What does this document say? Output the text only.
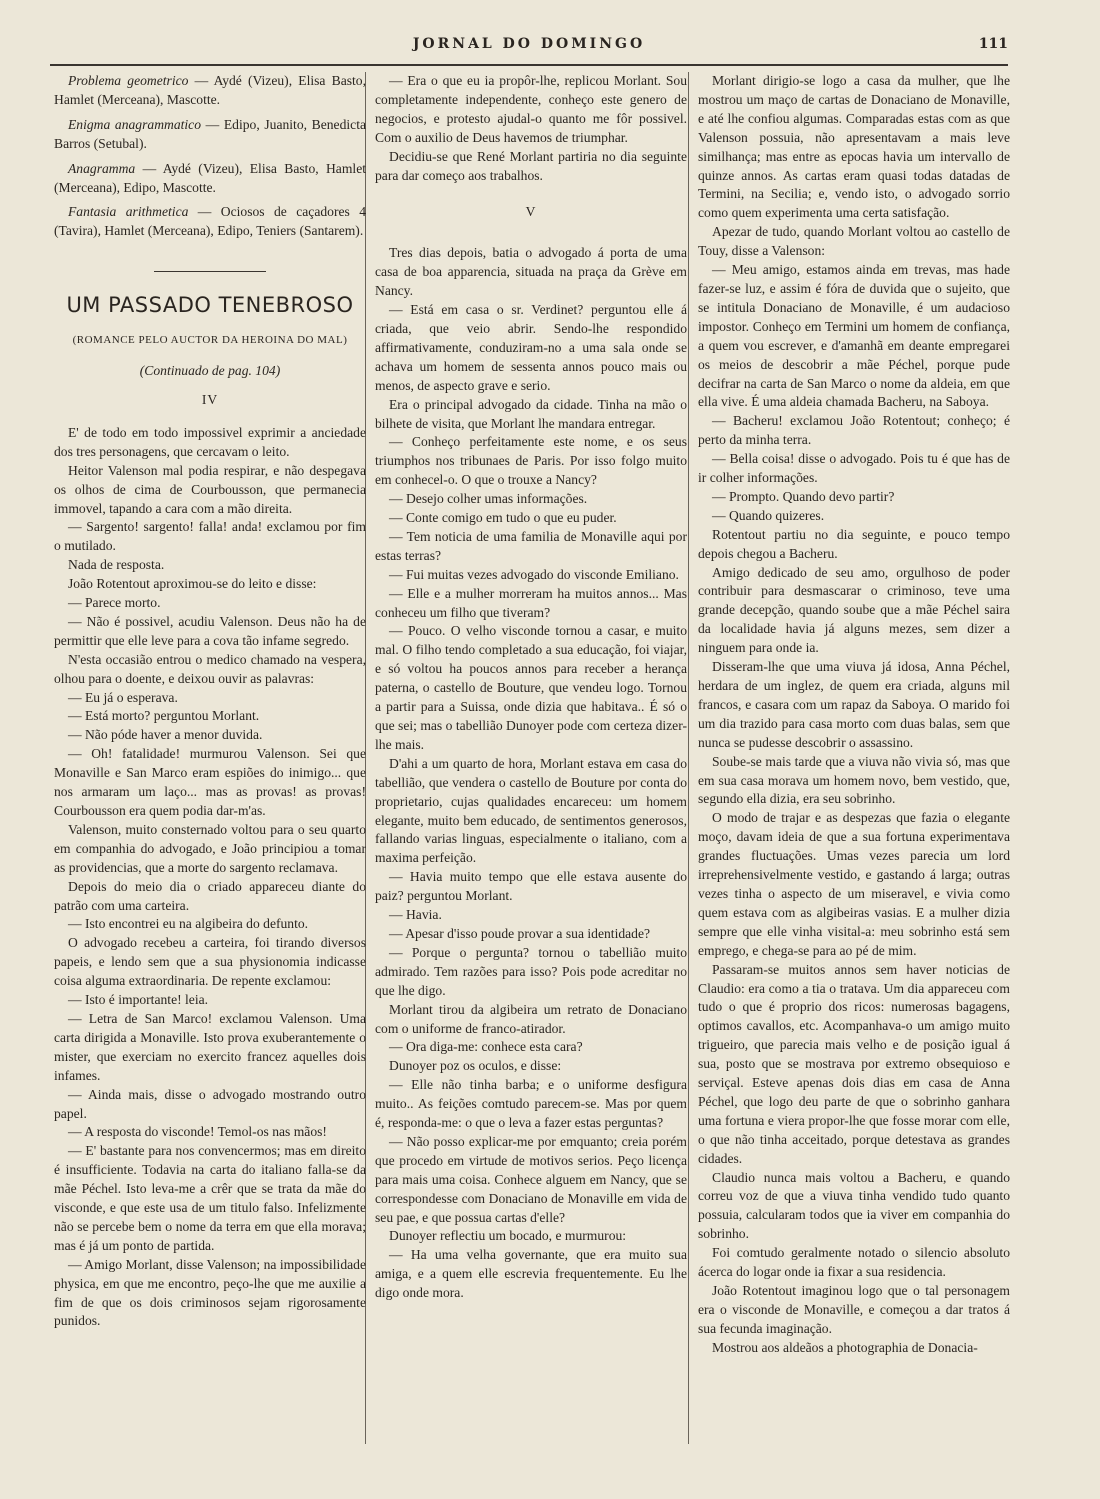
JORNAL DO DOMINGO	111

Problema geometrico — Aydé (Vizeu), Elisa Basto, Hamlet (Merceana), Mascotte.

Enigma anagrammatico — Edipo, Juanito, Benedicta Barros (Setubal).

Anagramma — Aydé (Vizeu), Elisa Basto, Hamlet (Merceana), Edipo, Mascotte.

Fantasia arithmetica — Ociosos de caçadores 4 (Tavira), Hamlet (Merceana), Edipo, Teniers (Santarem).

UM PASSADO TENEBROSO
(ROMANCE PELO AUCTOR DA HEROINA DO MAL)
(Continuado de pag. 104)
IV

E' de todo em todo impossivel exprimir a anciedade dos tres personagens, que cercavam o leito.

Heitor Valenson mal podia respirar, e não despegava os olhos de cima de Courbousson, que permanecia immovel, tapando a cara com a mão direita.

— Sargento! sargento! falla! anda! exclamou por fim o mutilado.

Nada de resposta.

João Rotentout aproximou-se do leito e disse:

— Parece morto.

— Não é possivel, acudiu Valenson. Deus não ha de permittir que elle leve para a cova tão infame segredo.

N'esta occasião entrou o medico chamado na vespera, olhou para o doente, e deixou ouvir as palavras:

— Eu já o esperava.

— Está morto? perguntou Morlant.

— Não póde haver a menor duvida.

— Oh! fatalidade! murmurou Valenson. Sei que Monaville e San Marco eram espiões do inimigo... que nos armaram um laço... mas as provas! as provas! Courbousson era quem podia dar-m'as.

Valenson, muito consternado voltou para o seu quarto em companhia do advogado, e João principiou a tomar as providencias, que a morte do sargento reclamava.

Depois do meio dia o criado appareceu diante do patrão com uma carteira.

— Isto encontrei eu na algibeira do defunto.

O advogado recebeu a carteira, foi tirando diversos papeis, e lendo sem que a sua physionomia indicasse coisa alguma extraordinaria. De repente exclamou:

— Isto é importante! leia.

— Letra de San Marco! exclamou Valenson. Uma carta dirigida a Monaville. Isto prova exuberantemente o mister, que exerciam no exercito francez aquelles dois infames.

— Ainda mais, disse o advogado mostrando outro papel.

— A resposta do visconde! Temol-os nas mãos!

— E' bastante para nos convencermos; mas em direito é insufficiente. Todavia na carta do italiano falla-se da mãe Péchel. Isto leva-me a crêr que se trata da mãe do visconde, e que este usa de um titulo falso. Infelizmente não se percebe bem o nome da terra em que ella morava; mas é já um ponto de partida.

— Amigo Morlant, disse Valenson; na impossibilidade physica, em que me encontro, peço-lhe que me auxilie a fim de que os dois criminosos sejam rigorosamente punidos.

— Era o que eu ia propôr-lhe, replicou Morlant. Sou completamente independente, conheço este genero de negocios, e protesto ajudal-o quanto me fôr possivel. Com o auxilio de Deus havemos de triumphar.

Decidiu-se que René Morlant partiria no dia seguinte para dar começo aos trabalhos.

V

Tres dias depois, batia o advogado á porta de uma casa de boa apparencia, situada na praça da Grève em Nancy.

— Está em casa o sr. Verdinet? perguntou elle á criada, que veio abrir. Sendo-lhe respondido affirmativamente, conduziram-no a uma sala onde se achava um homem de sessenta annos pouco mais ou menos, de aspecto grave e serio.

Era o principal advogado da cidade. Tinha na mão o bilhete de visita, que Morlant lhe mandara entregar.

— Conheço perfeitamente este nome, e os seus triumphos nos tribunaes de Paris. Por isso folgo muito em conhecel-o. O que o trouxe a Nancy?

— Desejo colher umas informações.

— Conte comigo em tudo o que eu puder.

— Tem noticia de uma familia de Monaville aqui por estas terras?

— Fui muitas vezes advogado do visconde Emiliano.

— Elle e a mulher morreram ha muitos annos... Mas conheceu um filho que tiveram?

— Pouco. O velho visconde tornou a casar, e muito mal. O filho tendo completado a sua educação, foi viajar, e só voltou ha poucos annos para receber a herança paterna, o castello de Bouture, que vendeu logo. Tornou a partir para a Suissa, onde dizia que habitava.. É só o que sei; mas o tabellião Dunoyer pode com certeza dizer-lhe mais.

D'ahi a um quarto de hora, Morlant estava em casa do tabellião, que vendera o castello de Bouture por conta do proprietario, cujas qualidades encareceu: um homem elegante, muito bem educado, de sentimentos generosos, fallando varias linguas, especialmente o italiano, com a maxima perfeição.

— Havia muito tempo que elle estava ausente do paiz? perguntou Morlant.

— Havia.

— Apesar d'isso poude provar a sua identidade?

— Porque o pergunta? tornou o tabellião muito admirado. Tem razões para isso? Pois pode acreditar no que lhe digo.

Morlant tirou da algibeira um retrato de Donaciano com o uniforme de franco-atirador.

— Ora diga-me: conhece esta cara?

Dunoyer poz os oculos, e disse:

— Elle não tinha barba; e o uniforme desfigura muito.. As feições comtudo parecem-se. Mas por quem é, responda-me: o que o leva a fazer estas perguntas?

— Não posso explicar-me por emquanto; creia porém que procedo em virtude de motivos serios. Peço licença para mais uma coisa. Conhece alguem em Nancy, que se correspondesse com Donaciano de Monaville em vida de seu pae, e que possua cartas d'elle?

Dunoyer reflectiu um bocado, e murmurou:

— Ha uma velha governante, que era muito sua amiga, e a quem elle escrevia frequentemente. Eu lhe digo onde mora.

Morlant dirigio-se logo a casa da mulher, que lhe mostrou um maço de cartas de Donaciano de Monaville, e até lhe confiou algumas. Comparadas estas com as que Valenson possuia, não apresentavam a mais leve similhança; mas entre as epocas havia um intervallo de quinze annos. As cartas eram quasi todas datadas de Termini, na Secilia; e, vendo isto, o advogado sorrio como quem experimenta uma certa satisfação.

Apezar de tudo, quando Morlant voltou ao castello de Touy, disse a Valenson:

— Meu amigo, estamos ainda em trevas, mas hade fazer-se luz, e assim é fóra de duvida que o sujeito, que se intitula Donaciano de Monaville, é um audacioso impostor. Conheço em Termini um homem de confiança, a quem vou escrever, e d'amanhã em deante empregarei os meios de descobrir a mãe Péchel, porque pude decifrar na carta de San Marco o nome da aldeia, em que ella vive. É uma aldeia chamada Bacheru, na Saboya.

— Bacheru! exclamou João Rotentout; conheço; é perto da minha terra.

— Bella coisa! disse o advogado. Pois tu é que has de ir colher informações.

— Prompto. Quando devo partir?

— Quando quizeres.

Rotentout partiu no dia seguinte, e pouco tempo depois chegou a Bacheru.

Amigo dedicado de seu amo, orgulhoso de poder contribuir para desmascarar o criminoso, teve uma grande decepção, quando soube que a mãe Péchel saira da localidade havia já alguns mezes, sem dizer a ninguem para onde ia.

Disseram-lhe que uma viuva já idosa, Anna Péchel, herdara de um inglez, de quem era criada, alguns mil francos, e casara com um rapaz da Saboya. O marido foi um dia trazido para casa morto com duas balas, sem que nunca se pudesse descobrir o assassino.

Soube-se mais tarde que a viuva não vivia só, mas que em sua casa morava um homem novo, bem vestido, que, segundo ella dizia, era seu sobrinho.

O modo de trajar e as despezas que fazia o elegante moço, davam ideia de que a sua fortuna experimentava grandes fluctuações. Umas vezes parecia um lord irreprehensivelmente vestido, e gastando á larga; outras vezes tinha o aspecto de um miseravel, e vivia como quem estava com as algibeiras vasias. E a mulher dizia sempre que elle vinha visital-a: meu sobrinho está sem emprego, e chega-se para ao pé de mim.

Passaram-se muitos annos sem haver noticias de Claudio: era como a tia o tratava. Um dia appareceu com tudo o que é proprio dos ricos: numerosas bagagens, optimos cavallos, etc. Acompanhava-o um amigo muito trigueiro, que parecia mais velho e de posição igual á sua, posto que se mostrava por extremo obsequioso e serviçal. Esteve apenas dois dias em casa de Anna Péchel, que logo deu parte de que o sobrinho ganhara uma fortuna e viera propor-lhe que fosse morar com elle, o que não tinha acceitado, porque detestava as grandes cidades.

Claudio nunca mais voltou a Bacheru, e quando correu voz de que a viuva tinha vendido tudo quanto possuia, calcularam todos que ia viver em companhia do sobrinho.

Foi comtudo geralmente notado o silencio absoluto ácerca do logar onde ia fixar a sua residencia.

João Rotentout imaginou logo que o tal personagem era o visconde de Monaville, e começou a dar tratos á sua fecunda imaginação.

Mostrou aos aldeãos a photographia de Donacia-
